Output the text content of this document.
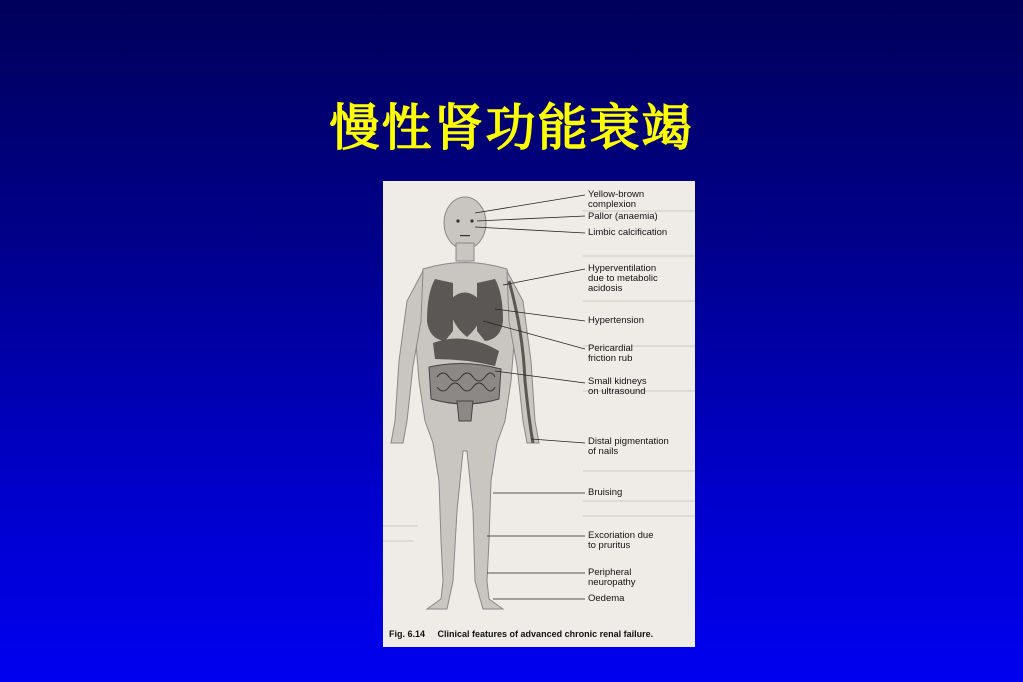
慢性肾功能衰竭
Yellow-brown
complexion
Pallor (anaemia)
Limbic calcification
Hyperventilation
due to metabolic
acidosis
Hypertension
Pericardial
friction rub
Small kidneys
on ultrasound
Distal pigmentation
of nails
Bruising
Excoriation due
to pruritus
Peripheral
neuropathy
Oedema
Fig. 6.14 Clinical features of advanced chronic renal failure.
